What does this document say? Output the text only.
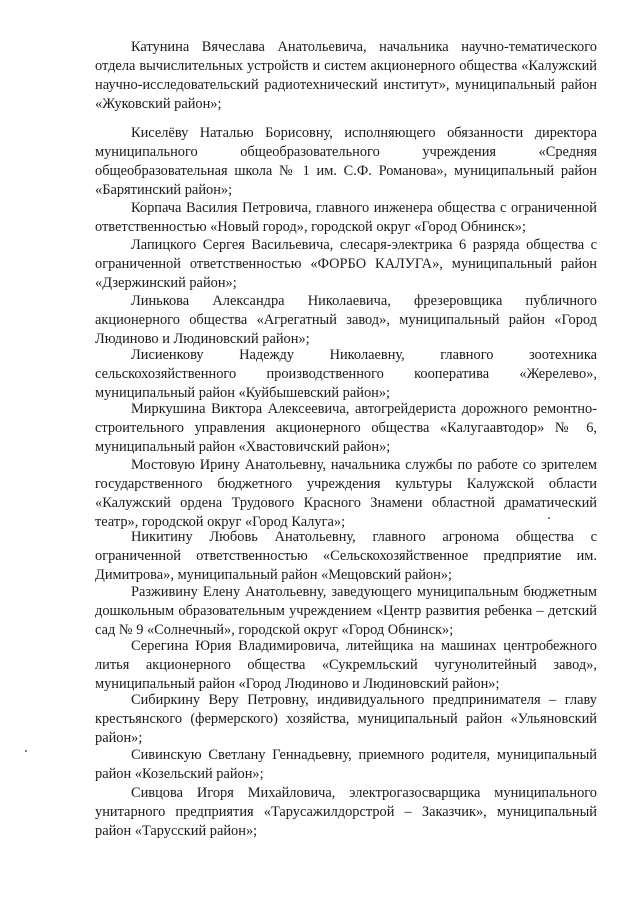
Катунина Вячеслава Анатольевича, начальника научно-тематического отдела вычислительных устройств и систем акционерного общества «Калужский научно-исследовательский радиотехнический институт», муниципальный район «Жуковский район»;

Киселёву Наталью Борисовну, исполняющего обязанности директора муниципального общеобразовательного учреждения «Средняя общеобразовательная школа № 1 им. С.Ф. Романова», муниципальный район «Барятинский район»;

Корпача Василия Петровича, главного инженера общества с ограниченной ответственностью «Новый город», городской округ «Город Обнинск»;

Лапицкого Сергея Васильевича, слесаря-электрика 6 разряда общества с ограниченной ответственностью «ФОРБО КАЛУГА», муниципальный район «Дзержинский район»;

Линькова Александра Николаевича, фрезеровщика публичного акционерного общества «Агрегатный завод», муниципальный район «Город Людиново и Людиновский район»;

Лисиенкову Надежду Николаевну, главного зоотехника сельскохозяйственного производственного кооператива «Жерелево», муниципальный район «Куйбышевский район»;

Миркушина Виктора Алексеевича, автогрейдериста дорожного ремонтно-строительного управления акционерного общества «Калугаавтодор» № 6, муниципальный район «Хвастовичский район»;

Мостовую Ирину Анатольевну, начальника службы по работе со зрителем государственного бюджетного учреждения культуры Калужской области «Калужский ордена Трудового Красного Знамени областной драматический театр», городской округ «Город Калуга»;

Никитину Любовь Анатольевну, главного агронома общества с ограниченной ответственностью «Сельскохозяйственное предприятие им. Димитрова», муниципальный район «Мещовский район»;

Разживину Елену Анатольевну, заведующего муниципальным бюджетным дошкольным образовательным учреждением «Центр развития ребенка – детский сад № 9 «Солнечный», городской округ «Город Обнинск»;

Серегина Юрия Владимировича, литейщика на машинах центробежного литья акционерного общества «Сукремльский чугунолитейный завод», муниципальный район «Город Людиново и Людиновский район»;

Сибиркину Веру Петровну, индивидуального предпринимателя – главу крестьянского (фермерского) хозяйства, муниципальный район «Ульяновский район»;

Сивинскую Светлану Геннадьевну, приемного родителя, муниципальный район «Козельский район»;

Сивцова Игоря Михайловича, электрогазосварщика муниципального унитарного предприятия «Тарусажилдорстрой – Заказчик», муниципальный район «Тарусский район»;
